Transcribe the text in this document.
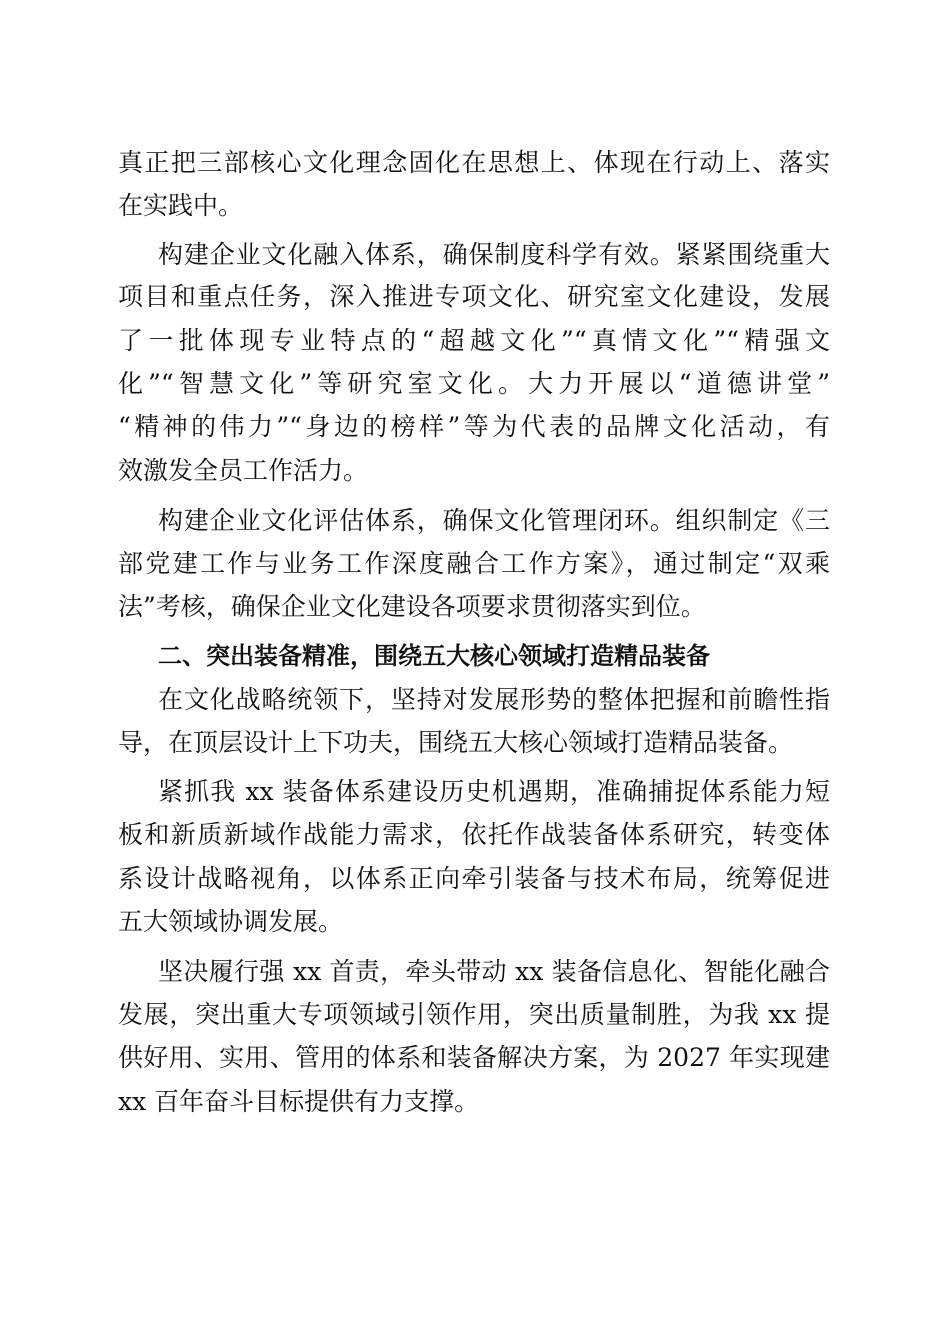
真正把三部核心文化理念固化在思想上、体现在行动上、落实
在实践中。
构建企业文化融入体系，确保制度科学有效。紧紧围绕重大
项目和重点任务，深入推进专项文化、研究室文化建设，发展
了一批体现专业特点的“超越文化”“真情文化”“精强文
化”“智慧文化”等研究室文化。大力开展以“道德讲堂”
“精神的伟力”“身边的榜样”等为代表的品牌文化活动，有
效激发全员工作活力。
构建企业文化评估体系，确保文化管理闭环。组织制定《三
部党建工作与业务工作深度融合工作方案》，通过制定“双乘
法”考核，确保企业文化建设各项要求贯彻落实到位。
二、突出装备精准，围绕五大核心领域打造精品装备
在文化战略统领下，坚持对发展形势的整体把握和前瞻性指
导，在顶层设计上下功夫，围绕五大核心领域打造精品装备。
紧抓我 xx 装备体系建设历史机遇期，准确捕捉体系能力短
板和新质新域作战能力需求，依托作战装备体系研究，转变体
系设计战略视角，以体系正向牵引装备与技术布局，统筹促进
五大领域协调发展。
坚决履行强 xx 首责，牵头带动 xx 装备信息化、智能化融合
发展，突出重大专项领域引领作用，突出质量制胜，为我 xx 提
供好用、实用、管用的体系和装备解决方案，为 2027 年实现建
xx 百年奋斗目标提供有力支撑。
